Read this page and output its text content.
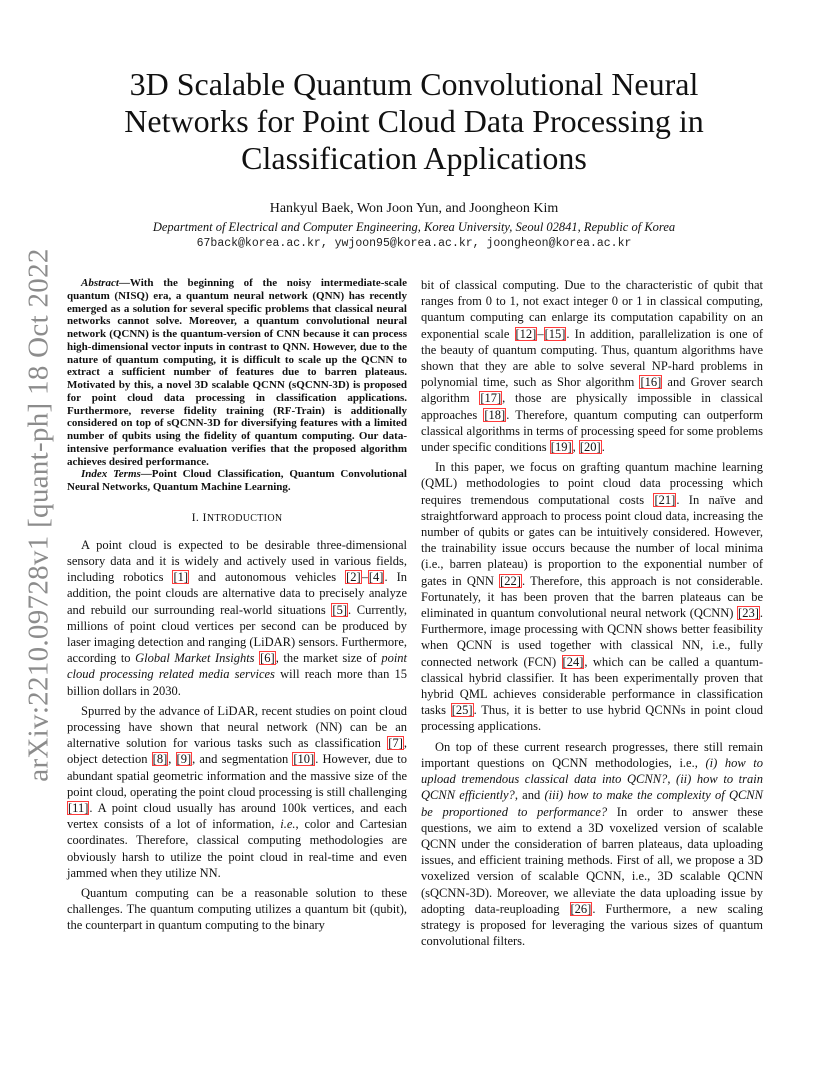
arXiv:2210.09728v1 [quant-ph] 18 Oct 2022
3D Scalable Quantum Convolutional Neural
Networks for Point Cloud Data Processing in
Classification Applications
Hankyul Baek, Won Joon Yun, and Joongheon Kim
Department of Electrical and Computer Engineering, Korea University, Seoul 02841, Republic of Korea
67back@korea.ac.kr, ywjoon95@korea.ac.kr, joongheon@korea.ac.kr

Abstract—With the beginning of the noisy intermediate-scale quantum (NISQ) era, a quantum neural network (QNN) has recently emerged as a solution for several specific problems that classical neural networks cannot solve. Moreover, a quantum convolutional neural network (QCNN) is the quantum-version of CNN because it can process high-dimensional vector inputs in contrast to QNN. However, due to the nature of quantum computing, it is difficult to scale up the QCNN to extract a sufficient number of features due to barren plateaus. Motivated by this, a novel 3D scalable QCNN (sQCNN-3D) is proposed for point cloud data processing in classification applications. Furthermore, reverse fidelity training (RF-Train) is additionally considered on top of sQCNN-3D for diversifying features with a limited number of qubits using the fidelity of quantum computing. Our data-intensive performance evaluation verifies that the proposed algorithm achieves desired performance.

Index Terms—Point Cloud Classification, Quantum Convolutional Neural Networks, Quantum Machine Learning.

I. INTRODUCTION

A point cloud is expected to be desirable three-dimensional sensory data and it is widely and actively used in various fields, including robotics [1] and autonomous vehicles [2]–[4]. In addition, the point clouds are alternative data to precisely analyze and rebuild our surrounding real-world situations [5]. Currently, millions of point cloud vertices per second can be produced by laser imaging detection and ranging (LiDAR) sensors. Furthermore, according to Global Market Insights [6], the market size of point cloud processing related media services will reach more than 15 billion dollars in 2030.

Spurred by the advance of LiDAR, recent studies on point cloud processing have shown that neural network (NN) can be an alternative solution for various tasks such as classification [7], object detection [8], [9], and segmentation [10]. However, due to abundant spatial geometric information and the massive size of the point cloud, operating the point cloud processing is still challenging [11]. A point cloud usually has around 100k vertices, and each vertex consists of a lot of information, i.e., color and Cartesian coordinates. Therefore, classical computing methodologies are obviously harsh to utilize the point cloud in real-time and even jammed when they utilize NN.

Quantum computing can be a reasonable solution to these challenges. The quantum computing utilizes a quantum bit (qubit), the counterpart in quantum computing to the binary

bit of classical computing. Due to the characteristic of qubit that ranges from 0 to 1, not exact integer 0 or 1 in classical computing, quantum computing can enlarge its computation capability on an exponential scale [12]–[15]. In addition, parallelization is one of the beauty of quantum computing. Thus, quantum algorithms have shown that they are able to solve several NP-hard problems in polynomial time, such as Shor algorithm [16] and Grover search algorithm [17], those are physically impossible in classical approaches [18]. Therefore, quantum computing can outperform classical algorithms in terms of processing speed for some problems under specific conditions [19], [20].

In this paper, we focus on grafting quantum machine learning (QML) methodologies to point cloud data processing which requires tremendous computational costs [21]. In naïve and straightforward approach to process point cloud data, increasing the number of qubits or gates can be intuitively considered. However, the trainability issue occurs because the number of local minima (i.e., barren plateau) is proportion to the exponential number of gates in QNN [22]. Therefore, this approach is not considerable. Fortunately, it has been proven that the barren plateaus can be eliminated in quantum convolutional neural network (QCNN) [23]. Furthermore, image processing with QCNN shows better feasibility when QCNN is used together with classical NN, i.e., fully connected network (FCN) [24], which can be called a quantum-classical hybrid classifier. It has been experimentally proven that hybrid QML achieves considerable performance in classification tasks [25]. Thus, it is better to use hybrid QCNNs in point cloud processing applications.

On top of these current research progresses, there still remain important questions on QCNN methodologies, i.e., (i) how to upload tremendous classical data into QCNN?, (ii) how to train QCNN efficiently?, and (iii) how to make the complexity of QCNN be proportioned to performance? In order to answer these questions, we aim to extend a 3D voxelized version of scalable QCNN under the consideration of barren plateaus, data uploading issues, and efficient training methods. First of all, we propose a 3D voxelized version of scalable QCNN, i.e., 3D scalable QCNN (sQCNN-3D). Moreover, we alleviate the data uploading issue by adopting data-reuploading [26]. Furthermore, a new scaling strategy is proposed for leveraging the various sizes of quantum convolutional filters.
